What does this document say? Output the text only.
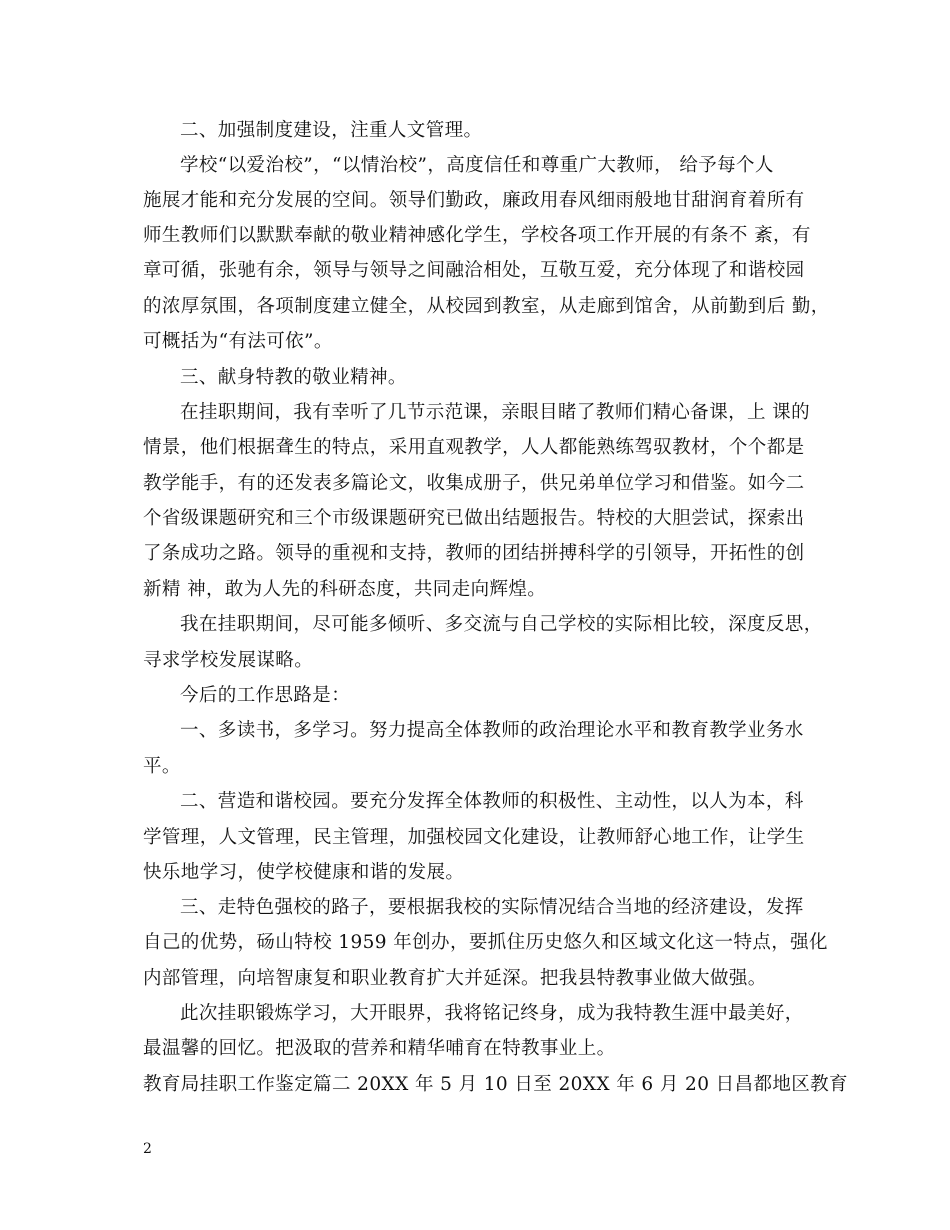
二、加强制度建设，注重人文管理。
学校“以爱治校”，“以情治校”，高度信任和尊重广大教师， 给予每个人
施展才能和充分发展的空间。领导们勤政，廉政用春风细雨般地甘甜润育着所有
师生教师们以默默奉献的敬业精神感化学生，学校各项工作开展的有条不 紊，有
章可循，张驰有余，领导与领导之间融洽相处，互敬互爱，充分体现了和谐校园
的浓厚氛围，各项制度建立健全，从校园到教室，从走廊到馆舍，从前勤到后 勤，
可概括为“有法可依”。
三、献身特教的敬业精神。
在挂职期间，我有幸听了几节示范课，亲眼目睹了教师们精心备课，上 课的
情景，他们根据聋生的特点，采用直观教学，人人都能熟练驾驭教材，个个都是
教学能手，有的还发表多篇论文，收集成册子，供兄弟单位学习和借鉴。如今二
个省级课题研究和三个市级课题研究已做出结题报告。特校的大胆尝试，探索出
了条成功之路。领导的重视和支持，教师的团结拼搏科学的引领导，开拓性的创
新精 神，敢为人先的科研态度，共同走向辉煌。
我在挂职期间，尽可能多倾听、多交流与自己学校的实际相比较，深度反思，
寻求学校发展谋略。
今后的工作思路是：
一、多读书，多学习。努力提高全体教师的政治理论水平和教育教学业务水
平。
二、营造和谐校园。要充分发挥全体教师的积极性、主动性，以人为本，科
学管理，人文管理，民主管理，加强校园文化建设，让教师舒心地工作，让学生
快乐地学习，使学校健康和谐的发展。
三、走特色强校的路子，要根据我校的实际情况结合当地的经济建设，发挥
自己的优势，砀山特校 1959 年创办，要抓住历史悠久和区域文化这一特点，强化
内部管理，向培智康复和职业教育扩大并延深。把我县特教事业做大做强。
此次挂职锻炼学习，大开眼界，我将铭记终身，成为我特教生涯中最美好，
最温馨的回忆。把汲取的营养和精华哺育在特教事业上。
教育局挂职工作鉴定篇二 20XX 年 5 月 10 日至 20XX 年 6 月 20 日昌都地区教育
2
